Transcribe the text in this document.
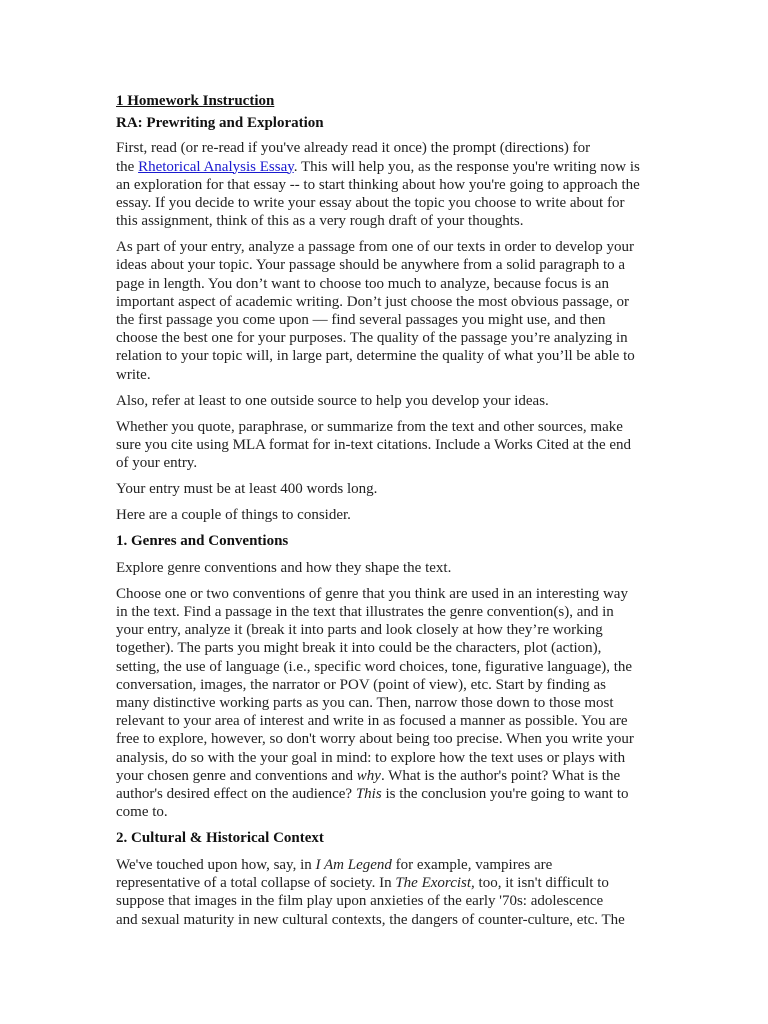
1 Homework Instruction
RA: Prewriting and Exploration
First, read (or re-read if you've already read it once) the prompt (directions) for
the Rhetorical Analysis Essay. This will help you, as the response you're writing now is
an exploration for that essay -- to start thinking about how you're going to approach the
essay. If you decide to write your essay about the topic you choose to write about for
this assignment, think of this as a very rough draft of your thoughts.
As part of your entry, analyze a passage from one of our texts in order to develop your
ideas about your topic. Your passage should be anywhere from a solid paragraph to a
page in length. You don’t want to choose too much to analyze, because focus is an
important aspect of academic writing. Don’t just choose the most obvious passage, or
the first passage you come upon — find several passages you might use, and then
choose the best one for your purposes. The quality of the passage you’re analyzing in
relation to your topic will, in large part, determine the quality of what you’ll be able to
write.
Also, refer at least to one outside source to help you develop your ideas.
Whether you quote, paraphrase, or summarize from the text and other sources, make
sure you cite using MLA format for in-text citations. Include a Works Cited at the end
of your entry.
Your entry must be at least 400 words long.
Here are a couple of things to consider.
1. Genres and Conventions
Explore genre conventions and how they shape the text.
Choose one or two conventions of genre that you think are used in an interesting way
in the text. Find a passage in the text that illustrates the genre convention(s), and in
your entry, analyze it (break it into parts and look closely at how they’re working
together). The parts you might break it into could be the characters, plot (action),
setting, the use of language (i.e., specific word choices, tone, figurative language), the
conversation, images, the narrator or POV (point of view), etc. Start by finding as
many distinctive working parts as you can. Then, narrow those down to those most
relevant to your area of interest and write in as focused a manner as possible. You are
free to explore, however, so don't worry about being too precise. When you write your
analysis, do so with the your goal in mind: to explore how the text uses or plays with
your chosen genre and conventions and why. What is the author's point? What is the
author's desired effect on the audience? This is the conclusion you're going to want to
come to.
2. Cultural & Historical Context
We've touched upon how, say, in I Am Legend for example, vampires are
representative of a total collapse of society. In The Exorcist, too, it isn't difficult to
suppose that images in the film play upon anxieties of the early '70s: adolescence
and sexual maturity in new cultural contexts, the dangers of counter-culture, etc. The
